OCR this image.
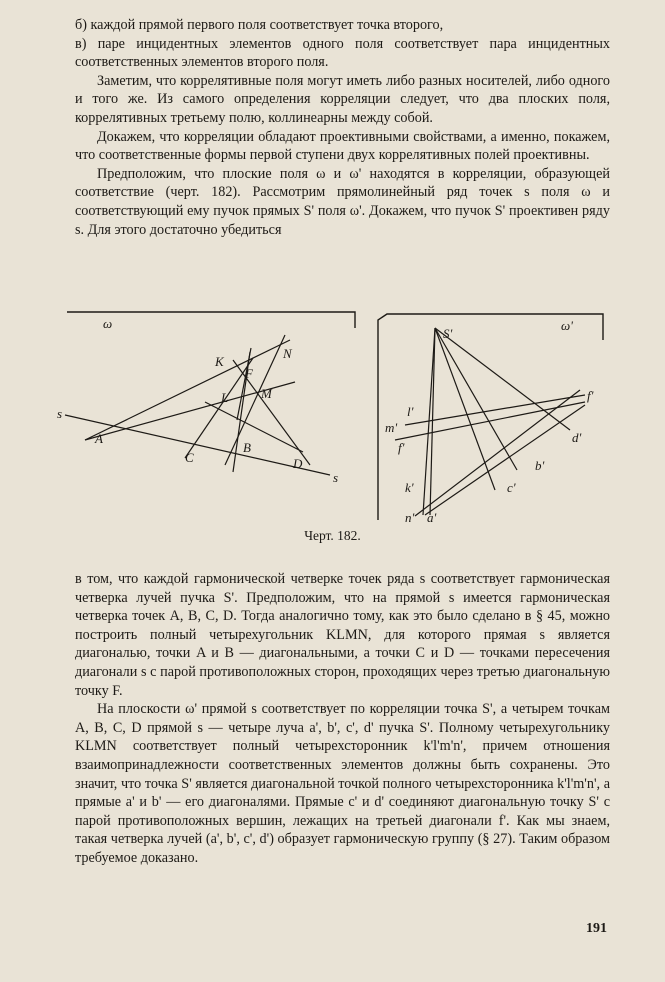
б) каждой прямой первого поля соответствует точка второго,

в) паре инцидентных элементов одного поля соответствует пара инцидентных соответственных элементов второго поля.

Заметим, что коррелятивные поля могут иметь либо разных носителей, либо одного и того же. Из самого определения корреляции следует, что два плоских поля, коррелятивных третьему полю, коллинеарны между собой.

Докажем, что корреляции обладают проективными свойствами, а именно, покажем, что соответственные формы первой ступени двух коррелятивных полей проективны.

Предположим, что плоские поля ω и ω' находятся в корреляции, образующей соответствие (черт. 182). Рассмотрим прямолинейный ряд точек s поля ω и соответствующий ему пучок прямых S' поля ω'. Докажем, что пучок S' проективен ряду s. Для этого достаточно убедиться

ω	ω'
s
s
K
N
F
M
L
A
C
B
D
S'
f'
l'
m'
d'
f'
b'
c'
k'
n' a'
Черт. 182.

в том, что каждой гармонической четверке точек ряда s соответствует гармоническая четверка лучей пучка S'. Предположим, что на прямой s имеется гармоническая четверка точек A, B, C, D. Тогда аналогично тому, как это было сделано в § 45, можно построить полный четырехугольник KLMN, для которого прямая s является диагональю, точки A и B — диагональными, а точки C и D — точками пересечения диагонали s с парой противоположных сторон, проходящих через третью диагональную точку F.

На плоскости ω' прямой s соответствует по корреляции точка S', а четырем точкам A, B, C, D прямой s — четыре луча a', b', c', d' пучка S'. Полному четырехугольнику KLMN соответствует полный четырехсторонник k'l'm'n', причем отношения взаимопринадлежности соответственных элементов должны быть сохранены. Это значит, что точка S' является диагональной точкой полного четырехсторонника k'l'm'n', а прямые a' и b' — его диагоналями. Прямые c' и d' соединяют диагональную точку S' с парой противоположных вершин, лежащих на третьей диагонали f'. Как мы знаем, такая четверка лучей (a', b', c', d') образует гармоническую группу (§ 27). Таким образом требуемое доказано.

191
